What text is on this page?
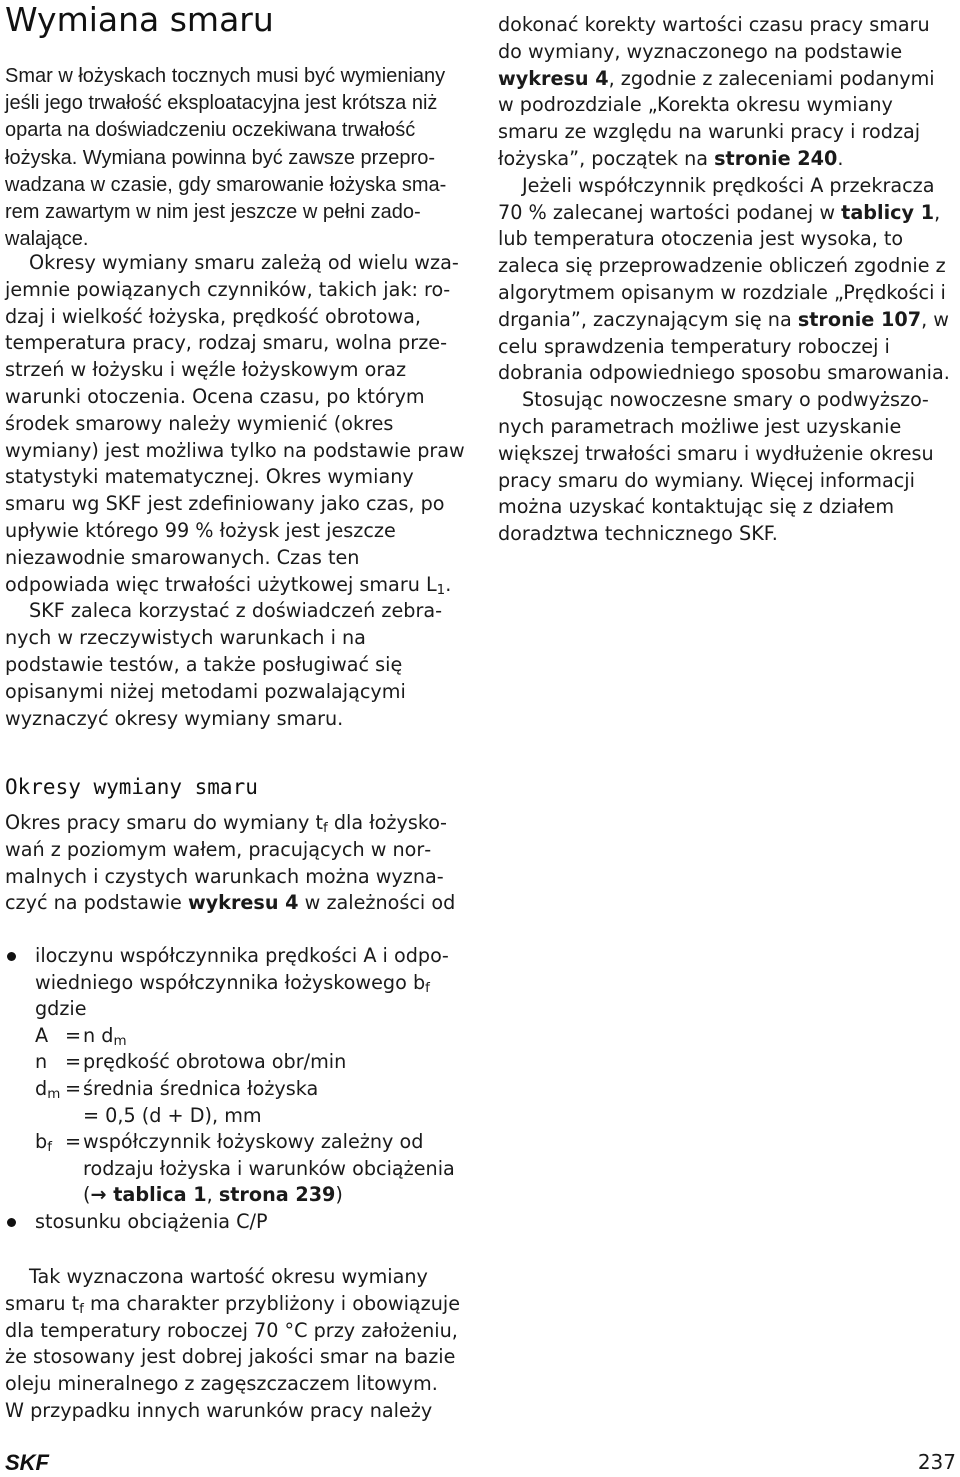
Wymiana smaru

Smar w łożyskach tocznych musi być wymieniany jeśli jego trwałość eksploatacyjna jest krótsza niż oparta na doświadczeniu oczekiwana trwałość łożyska. Wymiana powinna być zawsze przeprowadzana w czasie, gdy smarowanie łożyska smarem zawartym w nim jest jeszcze w pełni zadowalające.

Okresy wymiany smaru zależą od wielu wzajemnie powiązanych czynników, takich jak: rodzaj i wielkość łożyska, prędkość obrotowa, temperatura pracy, rodzaj smaru, wolna przestrzeń w łożysku i węźle łożyskowym oraz warunki otoczenia. Ocena czasu, po którym środek smarowy należy wymienić (okres wymiany) jest możliwa tylko na podstawie praw statystyki matematycznej. Okres wymiany smaru wg SKF jest zdefiniowany jako czas, po upływie którego 99 % łożysk jest jeszcze niezawodnie smarowanych. Czas ten odpowiada więc trwałości użytkowej smaru $L_1$.

SKF zaleca korzystać z doświadczeń zebranych w rzeczywistych warunkach i na podstawie testów, a także posługiwać się opisanymi niżej metodami pozwalającymi wyznaczyć okresy wymiany smaru.

Okresy wymiany smaru

Okres pracy smaru do wymiany $t_f$ dla łożyskowań z poziomym wałem, pracujących w normalnych i czystych warunkach można wyznaczyć na podstawie wykresu 4 w zależności od

iloczynu współczynnika prędkości A i odpowiedniego współczynnika łożyskowego $b_f$
gdzie
A = n $d_m$
n = prędkość obrotowa obr/min
$d_m$ = średnia średnica łożyska
= 0,5 (d + D), mm
$b_f$ = współczynnik łożyskowy zależny od
rodzaju łożyska i warunków obciążenia
(→ tablica 1, strona 239)
stosunku obciążenia C/P

Tak wyznaczona wartość okresu wymiany smaru $t_f$ ma charakter przybliżony i obowiązuje dla temperatury roboczej 70 °C przy założeniu, że stosowany jest dobrej jakości smar na bazie oleju mineralnego z zagęszczaczem litowym.

W przypadku innych warunków pracy należy

dokonać korekty wartości czasu pracy smaru do wymiany, wyznaczonego na podstawie wykresu 4, zgodnie z zaleceniami podanymi w podrozdziale „Korekta okresu wymiany smaru ze względu na warunki pracy i rodzaj łożyska”, początek na stronie 240.

Jeżeli współczynnik prędkości A przekracza 70 % zalecanej wartości podanej w tablicy 1, lub temperatura otoczenia jest wysoka, to zaleca się przeprowadzenie obliczeń zgodnie z algorytmem opisanym w rozdziale „Prędkości i drgania”, zaczynającym się na stronie 107, w celu sprawdzenia temperatury roboczej i dobrania odpowiedniego sposobu smarowania.

Stosując nowoczesne smary o podwyższonych parametrach możliwe jest uzyskanie większej trwałości smaru i wydłużenie okresu pracy smaru do wymiany. Więcej informacji można uzyskać kontaktując się z działem doradztwa technicznego SKF.

SKF	237
